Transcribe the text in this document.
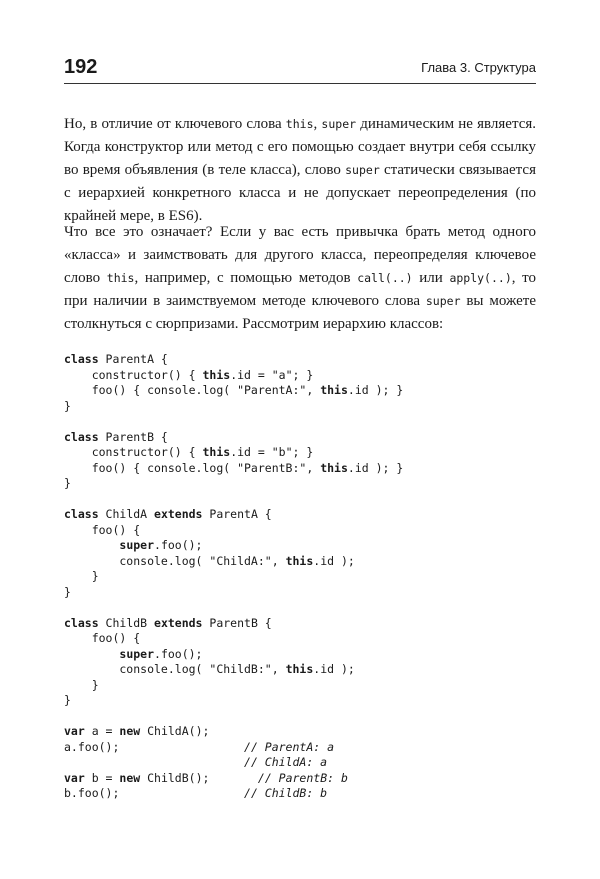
192	Глава 3. Структура

Но, в отличие от ключевого слова this, super динамическим не является. Когда конструктор или метод с его помощью создает внутри себя ссылку во время объявления (в теле класса), слово super статически связывается с иерархией конкретного класса и не допускает переопределения (по крайней мере, в ES6).

Что все это означает? Если у вас есть привычка брать метод одного «класса» и заимствовать для другого класса, переопределяя ключевое слово this, например, с помощью методов call(..) или apply(..), то при наличии в заимствуемом методе ключевого слова super вы можете столкнуться с сюрпризами. Рассмотрим иерархию классов:

class ParentA {
constructor() { this.id = "a"; }
foo() { console.log( "ParentA:", this.id ); }
}
class ParentB {
constructor() { this.id = "b"; }
foo() { console.log( "ParentB:", this.id ); }
}
class ChildA extends ParentA {
foo() {
super.foo();
console.log( "ChildA:", this.id );
}
}
class ChildB extends ParentB {
foo() {
super.foo();
console.log( "ChildB:", this.id );
}
}
var a = new ChildA();
a.foo();                  // ParentA: a
// ChildA: a
var b = new ChildB();       // ParentB: b
b.foo();                  // ChildB: b
